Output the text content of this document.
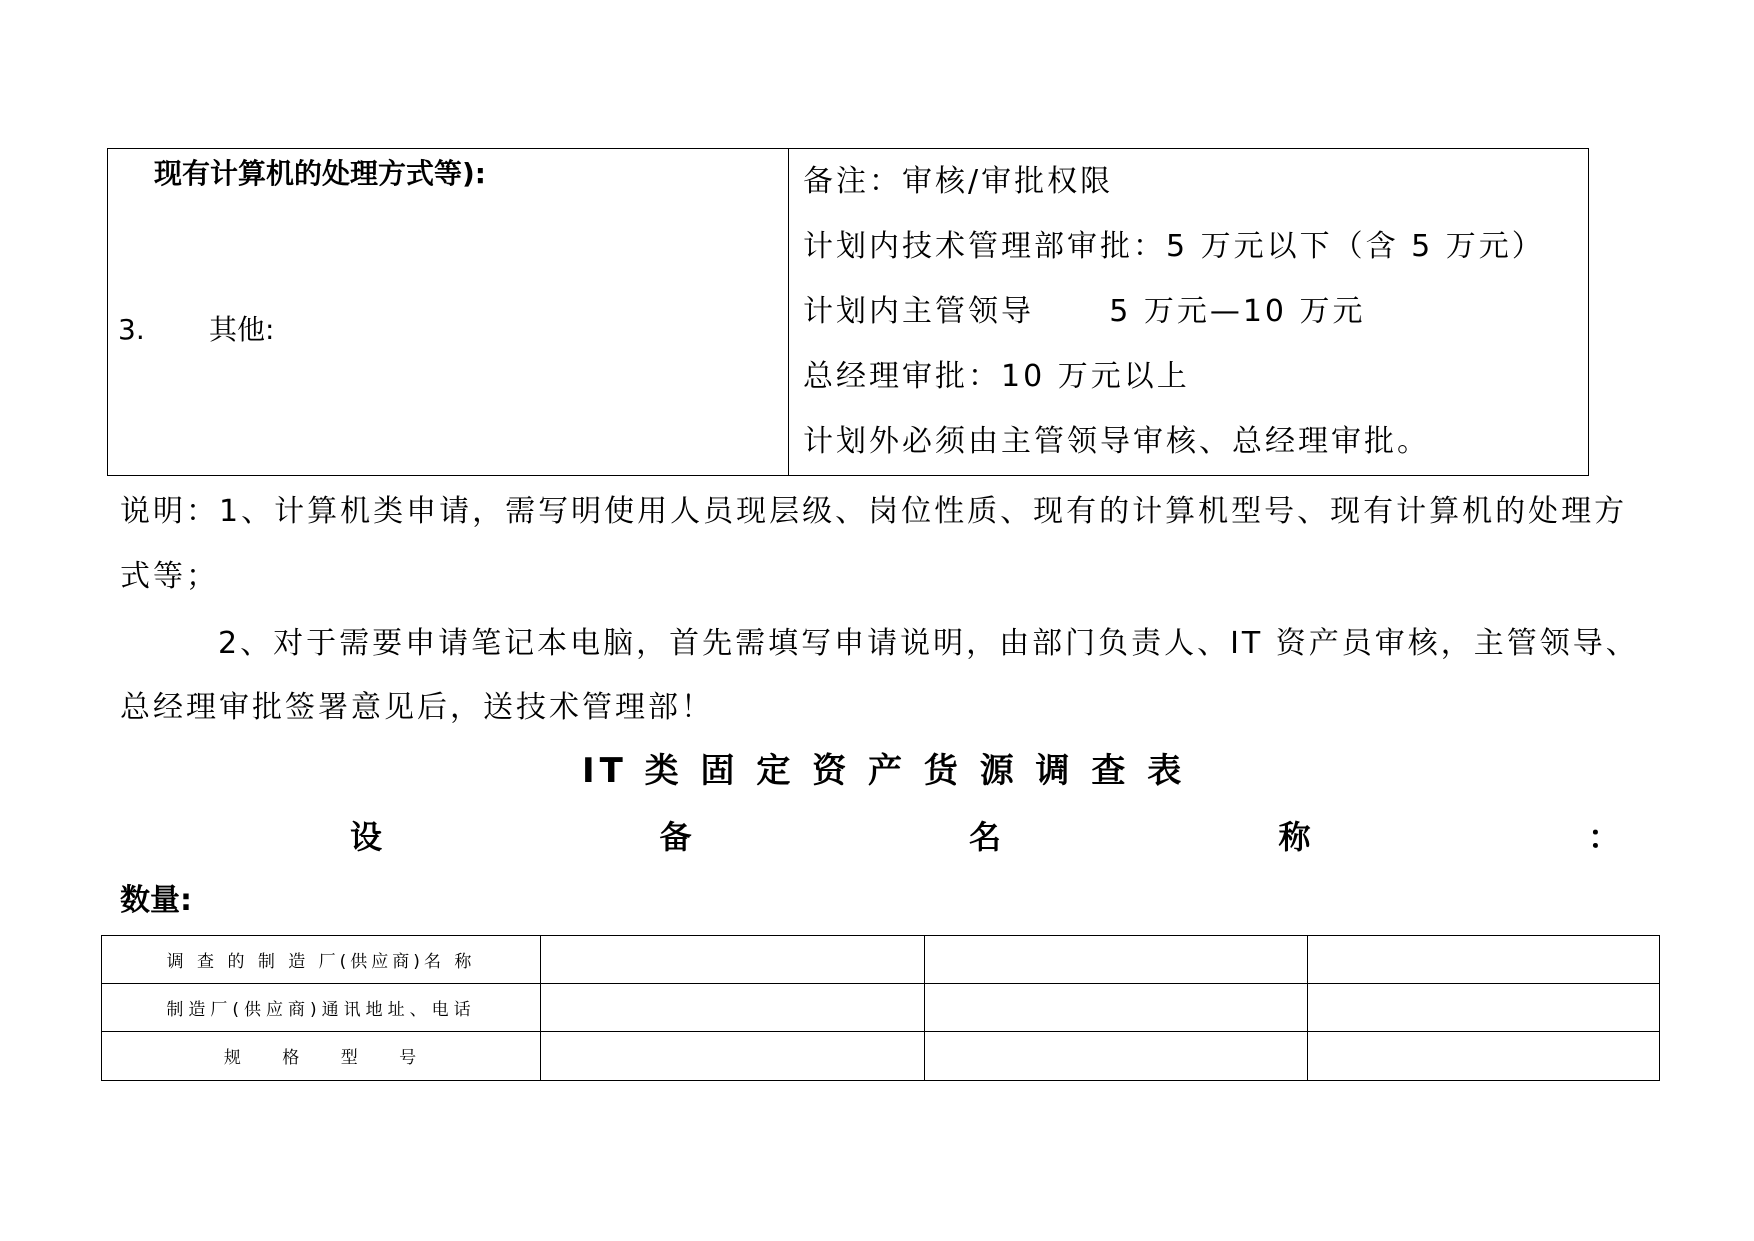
现有计算机的处理方式等):
3. 其他:
备注：审核/审批权限
计划内技术管理部审批：5 万元以下（含 5 万元）
计划内主管领导      5 万元—10 万元
总经理审批：10 万元以上
计划外必须由主管领导审核、总经理审批。
说明：1、计算机类申请，需写明使用人员现层级、岗位性质、现有的计算机型号、现有计算机的处理方
式等；
2、对于需要申请笔记本电脑，首先需填写申请说明，由部门负责人、IT 资产员审核，主管领导、
总经理审批签署意见后，送技术管理部！
IT 类 固 定 资 产 货 源 调 查 表
设	备	名	称	：
数量:
调 查 的 制 造 厂(供应商)名 称
制造厂(供应商)通讯地址、电话
规 格 型 号
